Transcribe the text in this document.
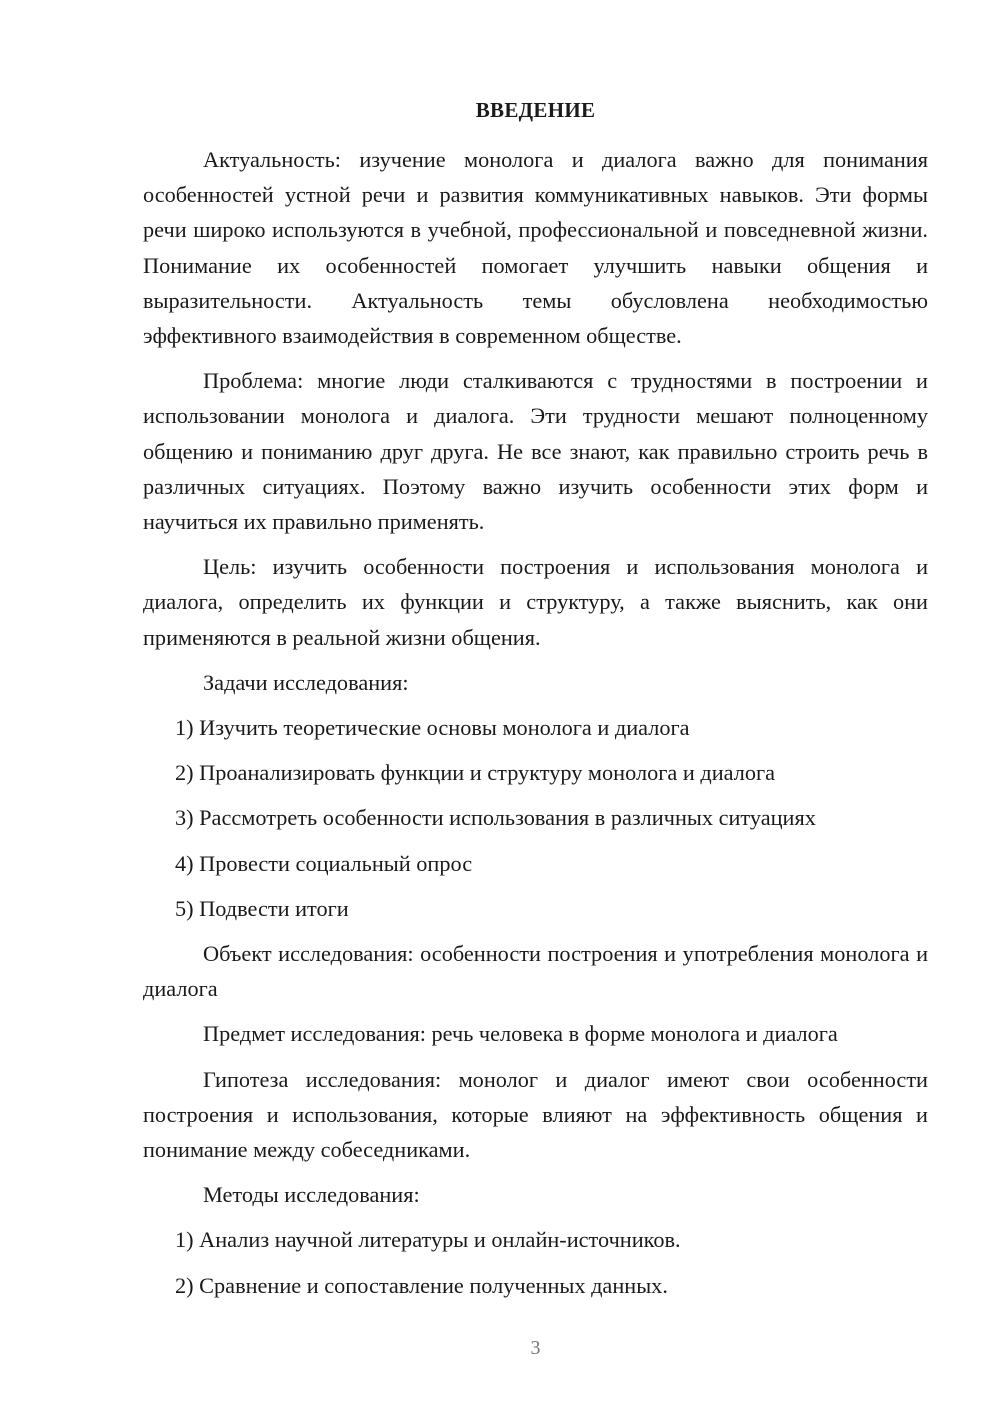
ВВЕДЕНИЕ

Актуальность: изучение монолога и диалога важно для понимания особенностей устной речи и развития коммуникативных навыков. Эти формы речи широко используются в учебной, профессиональной и повседневной жизни. Понимание их особенностей помогает улучшить навыки общения и выразительности. Актуальность темы обусловлена необходимостью эффективного взаимодействия в современном обществе.

Проблема: многие люди сталкиваются с трудностями в построении и использовании монолога и диалога. Эти трудности мешают полноценному общению и пониманию друг друга. Не все знают, как правильно строить речь в различных ситуациях. Поэтому важно изучить особенности этих форм и научиться их правильно применять.

Цель: изучить особенности построения и использования монолога и диалога, определить их функции и структуру, а также выяснить, как они применяются в реальной жизни общения.

Задачи исследования:

1) Изучить теоретические основы монолога и диалога

2) Проанализировать функции и структуру монолога и диалога

3) Рассмотреть особенности использования в различных ситуациях

4) Провести социальный опрос

5) Подвести итоги

Объект исследования: особенности построения и употребления монолога и диалога

Предмет исследования: речь человека в форме монолога и диалога

Гипотеза исследования: монолог и диалог имеют свои особенности построения и использования, которые влияют на эффективность общения и понимание между собеседниками.

Методы исследования:

1) Анализ научной литературы и онлайн-источников.

2) Сравнение и сопоставление полученных данных.

3
